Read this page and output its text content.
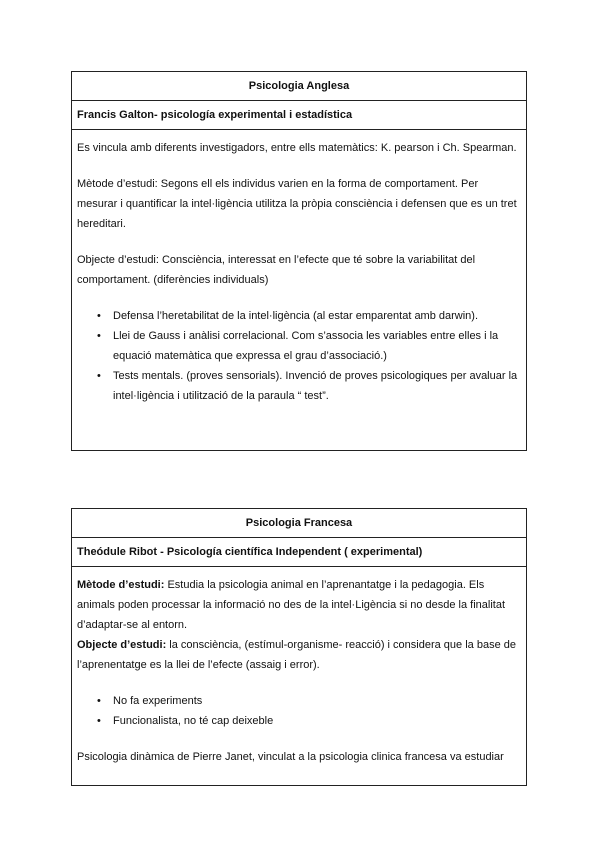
Psicologia Anglesa
Francis Galton- psicología experimental i estadística

Es vincula amb diferents investigadors, entre ells matemàtics: K. pearson i Ch. Spearman.

Mètode d’estudi: Segons ell els individus varien en la forma de comportament. Per mesurar i quantificar la intel·ligència utilitza la pròpia consciència i defensen que es un tret hereditari.

Objecte d’estudi: Consciència, interessat en l’efecte que té sobre la variabilitat del comportament. (diferències individuals)

• Defensa l’heretabilitat de la intel·ligència (al estar emparentat amb darwin).
• Llei de Gauss i anàlisi correlacional. Com s’associa les variables entre elles i la equació matemàtica que expressa el grau d’associació.)
• Tests mentals. (proves sensorials). Invenció de proves psicologiques per avaluar la intel·ligència i utilització de la paraula “ test”.
Psicologia Francesa
Theódule Ribot - Psicología científica Independent ( experimental)

Mètode d’estudi: Estudia la psicologia animal en l’aprenantatge i la pedagogia. Els animals poden processar la informació no des de la intel·Ligència si no desde la finalitat d’adaptar-se al entorn.

Objecte d’estudi: la consciència, (estímul-organisme- reacció) i considera que la base de l’aprenentatge es la llei de l’efecte (assaig i error).

• No fa experiments
• Funcionalista, no té cap deixeble

Psicologia dinàmica de Pierre Janet, vinculat a la psicologia clinica francesa va estudiar
